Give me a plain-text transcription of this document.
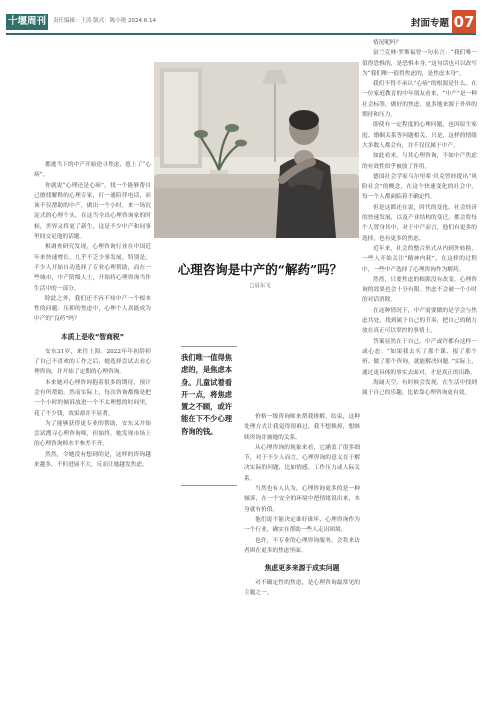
十堰周刊	责任编辑：王涛 版式：陈小艳 2024.6.14	封面专题 07

都逃当下的中产开始逆寻焦虑，患上了“心病”。

你就说“心理还是心病”，找一个能够帮自己擦找解释的心理专家，打一通陪伴电话，而该不仅帮助的中产，做出一个小时，来一场沉淀式的心理个头，在这当全出心理咨询家的时候，世界又将更了新生，这是不少中产和同事里间交足他的话题。

根调查研究发现，心理咨询行业在中国近年来快速增长，几乎不乏少事发展，特别是，不少人开始自动选择了专业心理帮助，而在一些城市，中产阶级人士，开始将心理咨询当作生活中的一部分。

除此之外，我们还不容不知中产一个根本性的问题：压抑的焦虑中，心理个人真能成为中产的“良药”吗？

本质上是收“智商税”

安东31岁，来往上海。2022年年初辞掉了自己不喜欢的工作之后，她选择尝试去看心理咨询，并开始了定期的心理咨询。

本来她对心理咨询抱着很多的期待，预计会有所帮助。然而实际上，每次咨询都像是把一个小时的倾诉放进一个不太理想的时间里，花了不少钱，效果却并不显著。

为了能够获得更专业的帮助，安东又开始尝试搜寻心理咨询师，但始终，她发现市场上的心理咨询师水平参差不齐。

然然，令她没有想到的是，这样的咨询越来越多，不但进展不大，反而让她越发焦虑。

心理咨询是中产的“解药”吗？
□晨东飞
我们唯一值得焦虑的，是焦虑本身。儿童试着看开一点，将焦虑置之不顾，或许能在下不少心理咨询的钱。

价格一级咨询师来帮我排解，结束，这种处理方式让我觉得很难过，我不想换掉，想继续咨询并被她的关系。

从心理咨询的现象来看，它涵盖了很多细节，对于不少人而言，心理咨询的意义在于解决实际的问题，比如情感、工作压力或人际关系。

当然也有人认为，心理咨询更多的是一种倾诉，在一个安全的环境中把情绪说出来，本身就有价值。

他们说不能决定谁好谁坏，心理咨询作为一个行业，确实在帮助一些人走出困境。

也许，不专业的心理咨询服务，会将来访者困在更多的焦虑里面。

焦虑更多来源于成实问题

对不确定性的焦虑，是心理咨询最常见的主题之一。

情况呢吗？

富兰克林·罗斯福曾一句名言：“我们唯一值得恐惧的，是恐惧本身。”这句话也可以改写为“我们唯一值得焦虑的，是焦虑本身”。

我们不得不承认“心病”的根源是什么。在一位家庭教育的中年朋友看来，“中产”是一种社会标签，做好的焦虑，更多地来源于外界的期待和压力。

即使有一定程度的心理问题，也因原生家庭、婚姻关系等问题相关，只是，这样的情绪大多数人都会有，并不仅仅属于中产。

如此看来，与其心理咨询，不如中产焦虑的有效性似乎被放了作用。

德国社会学家乌尔里希·贝克曾经提出“风险社会”的概念，在这个快速变化的社会中，每一个人都面临着不确定性。

但是这都还在说，时代的变化，社会经济的快速发展，以及产业结构的变迁，都会将每个人置身其中，对于中产而言，他们有更多的选择，也有更多的焦虑。

近年来，社会的整合形式从内到外转换，一些人开始关注“精神内耗”。在这样的过程中，一些中产选择了心理咨询作为解药。

然然，只要焦虑的根源没有改变，心理咨询的效果也会十分有限。焦虑不会被一个小时的对话消除。

在这种情况下，中产需要做的是学会与焦虑共处，找到属于自己的节奏，把自己的精力放在真正可以掌控的事情上。

答案显然在于自己。中产或许都有这样一或心态：“如果我去买了那个课、报了那个班、做了那个咨询，就能解决问题。”实际上，通过更具体的事实去面对，才是真正的出路。

海阔天空，有时候会发现，在生活中找到属于自己的乐趣，比依靠心理咨询更有效。
